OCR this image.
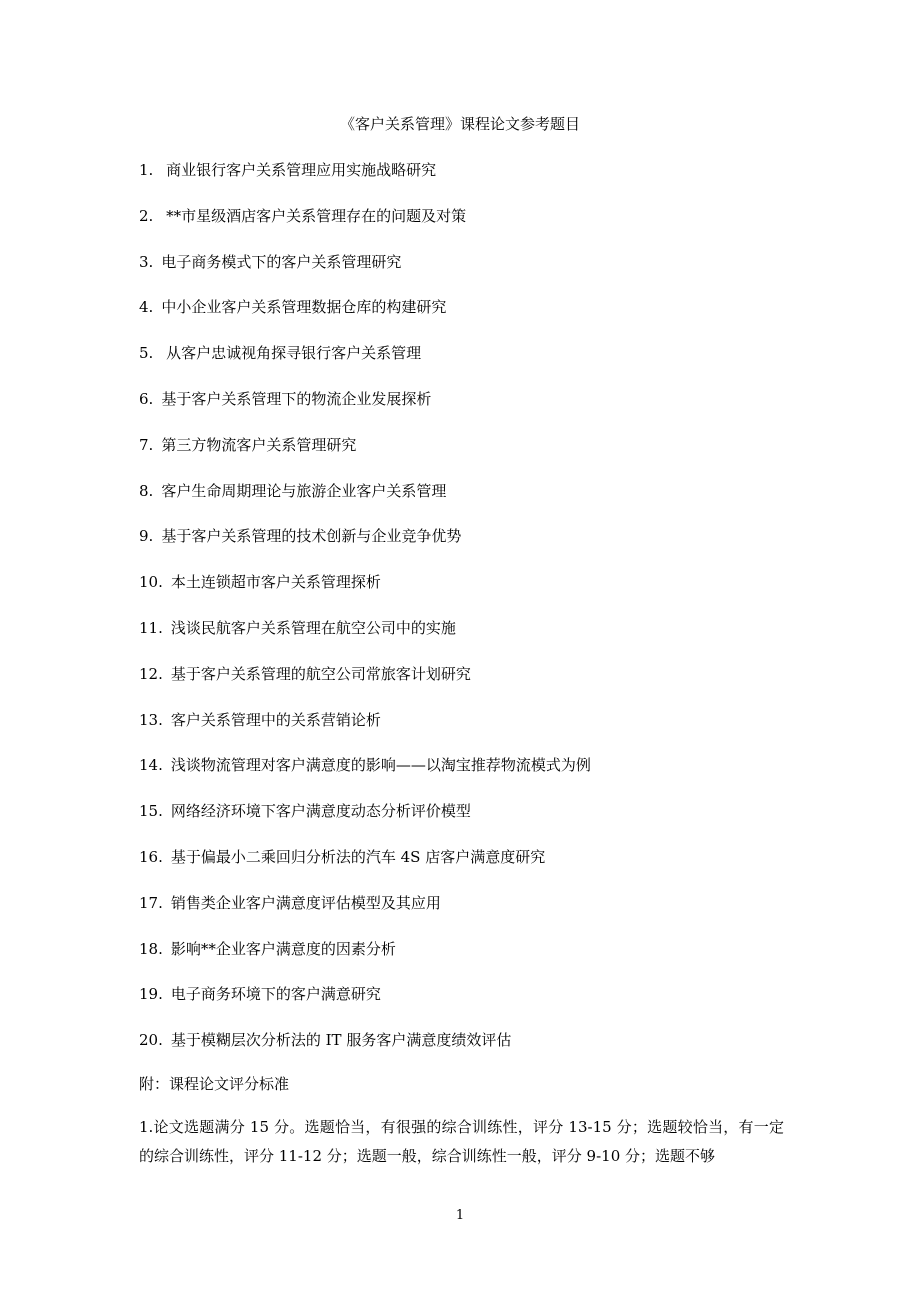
《客户关系管理》课程论文参考题目
1. 商业银行客户关系管理应用实施战略研究
2. **市星级酒店客户关系管理存在的问题及对策
3. 电子商务模式下的客户关系管理研究
4. 中小企业客户关系管理数据仓库的构建研究
5. 从客户忠诚视角探寻银行客户关系管理
6. 基于客户关系管理下的物流企业发展探析
7. 第三方物流客户关系管理研究
8. 客户生命周期理论与旅游企业客户关系管理
9. 基于客户关系管理的技术创新与企业竞争优势
10. 本土连锁超市客户关系管理探析
11. 浅谈民航客户关系管理在航空公司中的实施
12. 基于客户关系管理的航空公司常旅客计划研究
13. 客户关系管理中的关系营销论析
14. 浅谈物流管理对客户满意度的影响——以淘宝推荐物流模式为例
15. 网络经济环境下客户满意度动态分析评价模型
16. 基于偏最小二乘回归分析法的汽车 4S 店客户满意度研究
17. 销售类企业客户满意度评估模型及其应用
18. 影响**企业客户满意度的因素分析
19. 电子商务环境下的客户满意研究
20. 基于模糊层次分析法的 IT 服务客户满意度绩效评估
附：课程论文评分标准
1.论文选题满分 15 分。选题恰当，有很强的综合训练性，评分 13-15 分；选题较恰当，有一定的综合训练性，评分 11-12 分；选题一般，综合训练性一般，评分 9-10 分；选题不够
1
